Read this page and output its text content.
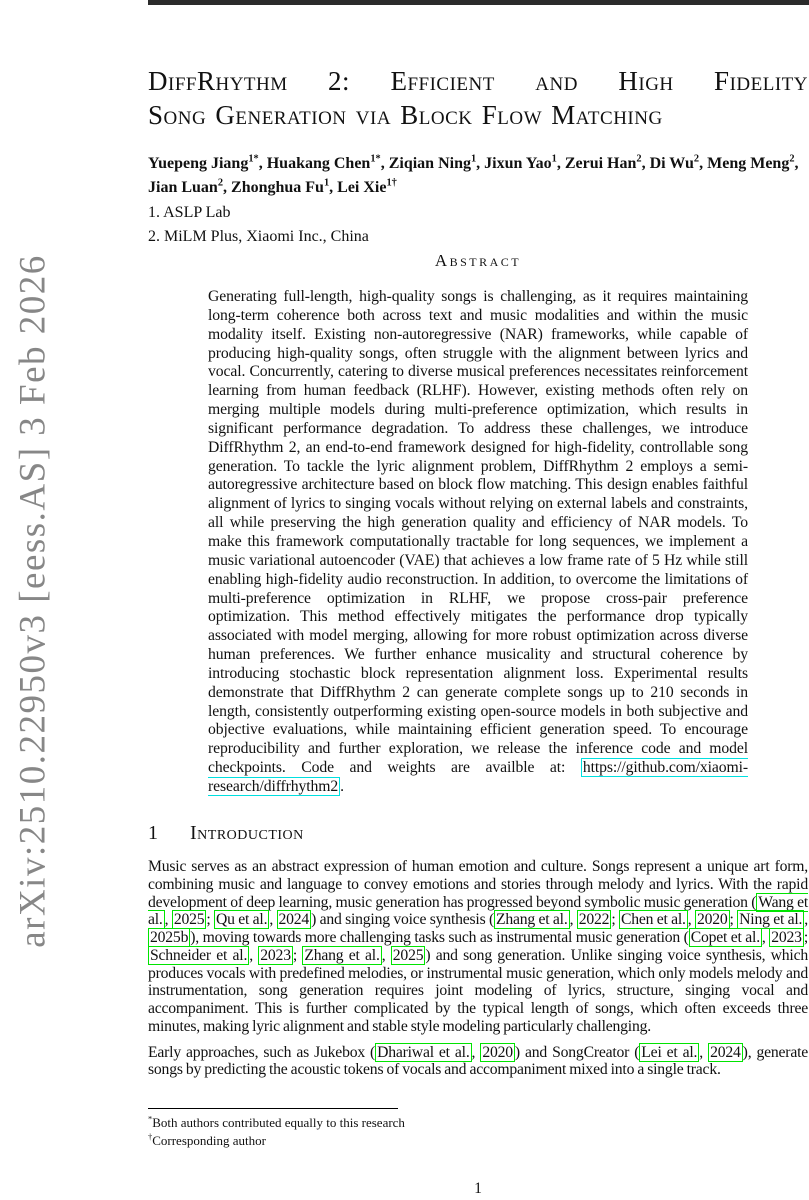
arXiv:2510.22950v3 [eess.AS] 3 Feb 2026
DiffRhythm 2: Efficient and High Fidelity
Song Generation via Block Flow Matching
Yuepeng Jiang$^{1*}$, Huakang Chen$^{1*}$, Ziqian Ning$^1$, Jixun Yao$^1$, Zerui Han$^2$, Di Wu$^2$, Meng Meng$^2$, Jian Luan$^2$, Zhonghua Fu$^1$, Lei Xie$^{1\dagger}$
1. ASLP Lab
2. MiLM Plus, Xiaomi Inc., China
Abstract
Generating full-length, high-quality songs is challenging, as it requires maintaining long-term coherence both across text and music modalities and within the music modality itself. Existing non-autoregressive (NAR) frameworks, while capable of producing high-quality songs, often struggle with the alignment between lyrics and vocal. Concurrently, catering to diverse musical preferences necessitates reinforcement learning from human feedback (RLHF). However, existing methods often rely on merging multiple models during multi-preference optimization, which results in significant performance degradation. To address these challenges, we introduce DiffRhythm 2, an end-to-end framework designed for high-fidelity, controllable song generation. To tackle the lyric alignment problem, DiffRhythm 2 employs a semi-autoregressive architecture based on block flow matching. This design enables faithful alignment of lyrics to singing vocals without relying on external labels and constraints, all while preserving the high generation quality and efficiency of NAR models. To make this framework computationally tractable for long sequences, we implement a music variational autoencoder (VAE) that achieves a low frame rate of 5 Hz while still enabling high-fidelity audio reconstruction. In addition, to overcome the limitations of multi-preference optimization in RLHF, we propose cross-pair preference optimization. This method effectively mitigates the performance drop typically associated with model merging, allowing for more robust optimization across diverse human preferences. We further enhance musicality and structural coherence by introducing stochastic block representation alignment loss. Experimental results demonstrate that DiffRhythm 2 can generate complete songs up to 210 seconds in length, consistently outperforming existing open-source models in both subjective and objective evaluations, while maintaining efficient generation speed. To encourage reproducibility and further exploration, we release the inference code and model checkpoints. Code and weights are availble at: https://github.com/xiaomi-research/diffrhythm2 .
1 Introduction
Music serves as an abstract expression of human emotion and culture. Songs represent a unique art form, combining music and language to convey emotions and stories through melody and lyrics. With the rapid development of deep learning, music generation has progressed beyond symbolic music generation ( Wang et al. , 2025 ; Qu et al. , 2024 ) and singing voice synthesis ( Zhang et al. , 2022 ; Chen et al. , 2020 ; Ning et al. , 2025b ), moving towards more challenging tasks such as instrumental music generation ( Copet et al. , 2023 ; Schneider et al. , 2023 ; Zhang et al. , 2025 ) and song generation. Unlike singing voice synthesis, which produces vocals with predefined melodies, or instrumental music generation, which only models melody and instrumentation, song generation requires joint modeling of lyrics, structure, singing vocal and accompaniment. This is further complicated by the typical length of songs, which often exceeds three minutes, making lyric alignment and stable style modeling particularly challenging.
Early approaches, such as Jukebox ( Dhariwal et al. , 2020 ) and SongCreator ( Lei et al. , 2024 ), generate songs by predicting the acoustic tokens of vocals and accompaniment mixed into a single track.
*Both authors contributed equally to this research
†Corresponding author
1
